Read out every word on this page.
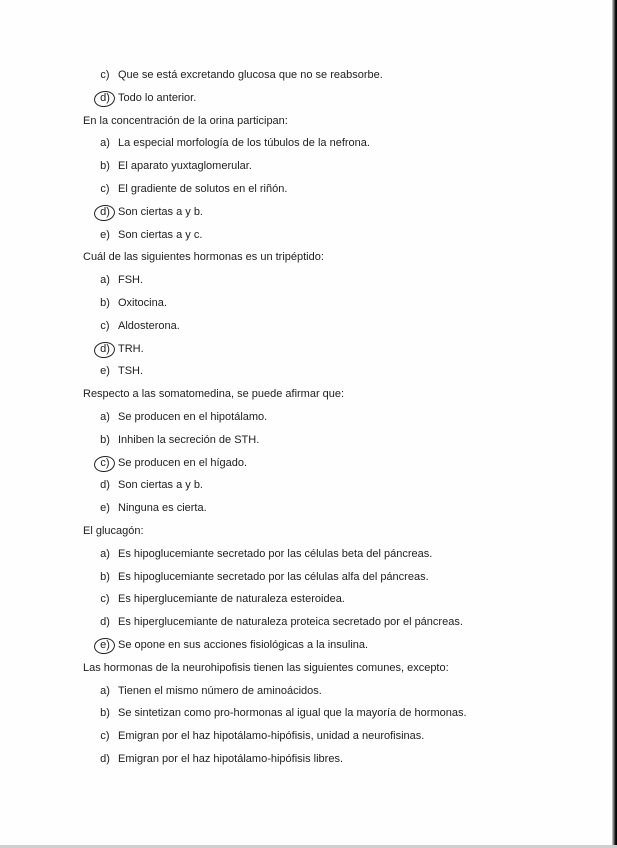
c) Que se está excretando glucosa que no se reabsorbe.
d) Todo lo anterior.
En la concentración de la orina participan:
a) La especial morfología de los túbulos de la nefrona.
b) El aparato yuxtaglomerular.
c) El gradiente de solutos en el riñón.
d) Son ciertas a y b.
e) Son ciertas a y c.
Cuál de las siguientes hormonas es un tripéptido:
a) FSH.
b) Oxitocina.
c) Aldosterona.
d) TRH.
e) TSH.
Respecto a las somatomedina, se puede afirmar que:
a) Se producen en el hipotálamo.
b) Inhiben la secreción de STH.
c) Se producen en el hígado.
d) Son ciertas a y b.
e) Ninguna es cierta.
El glucagón:
a) Es hipoglucemiante secretado por las células beta del páncreas.
b) Es hipoglucemiante secretado por las células alfa del páncreas.
c) Es hiperglucemiante de naturaleza esteroidea.
d) Es hiperglucemiante de naturaleza proteica secretado por el páncreas.
e) Se opone en sus acciones fisiológicas a la insulina.
Las hormonas de la neurohipofisis tienen las siguientes comunes, excepto:
a) Tienen el mismo número de aminoácidos.
b) Se sintetizan como pro-hormonas al igual que la mayoría de hormonas.
c) Emigran por el haz hipotálamo-hipófisis, unidad a neurofisinas.
d) Emigran por el haz hipotálamo-hipófisis libres.
